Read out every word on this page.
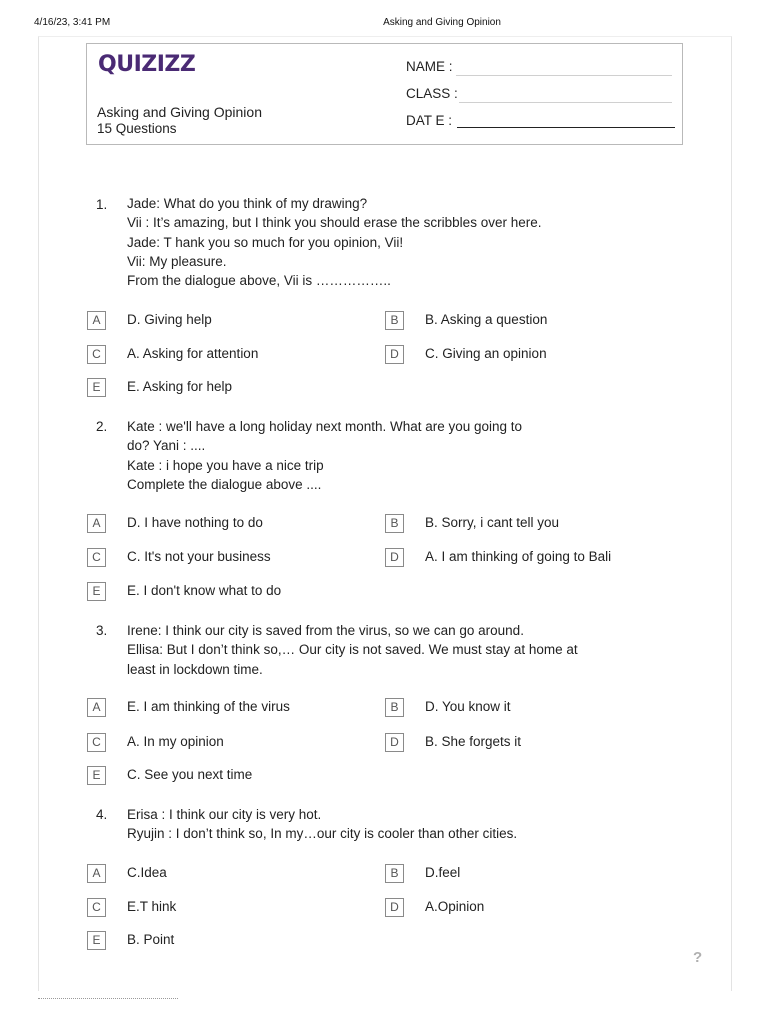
4/16/23, 3:41 PM	Asking and Giving Opinion
QUIZIZZ
Asking and Giving Opinion
15 Questions
NAME :
CLASS :
DAT E :
1. Jade: What do you think of my drawing?
Vii : It’s amazing, but I think you should erase the scribbles over here.
Jade: T hank you so much for you opinion, Vii!
Vii: My pleasure.
From the dialogue above, Vii is ……………..

A	D. Giving help	B	B. Asking a question
C	A. Asking for attention	D	C. Giving an opinion
E	E. Asking for help
2. Kate : we'll have a long holiday next month. What are you going to
do? Yani : ....
Kate : i hope you have a nice trip
Complete the dialogue above ....

A	D. I have nothing to do	B	B. Sorry, i cant tell you
C	C. It's not your business	D	A. I am thinking of going to Bali
E	E. I don't know what to do
3. Irene: I think our city is saved from the virus, so we can go around.
Ellisa: But I don’t think so,… Our city is not saved. We must stay at home at
least in lockdown time.

A	E. I am thinking of the virus	B	D. You know it
C	A. In my opinion	D	B. She forgets it
E	C. See you next time
4. Erisa : I think our city is very hot.
Ryujin : I don’t think so, In my…our city is cooler than other cities.

A	C.Idea	B	D.feel
C	E.T hink	D	A.Opinion
E	B. Point
?
